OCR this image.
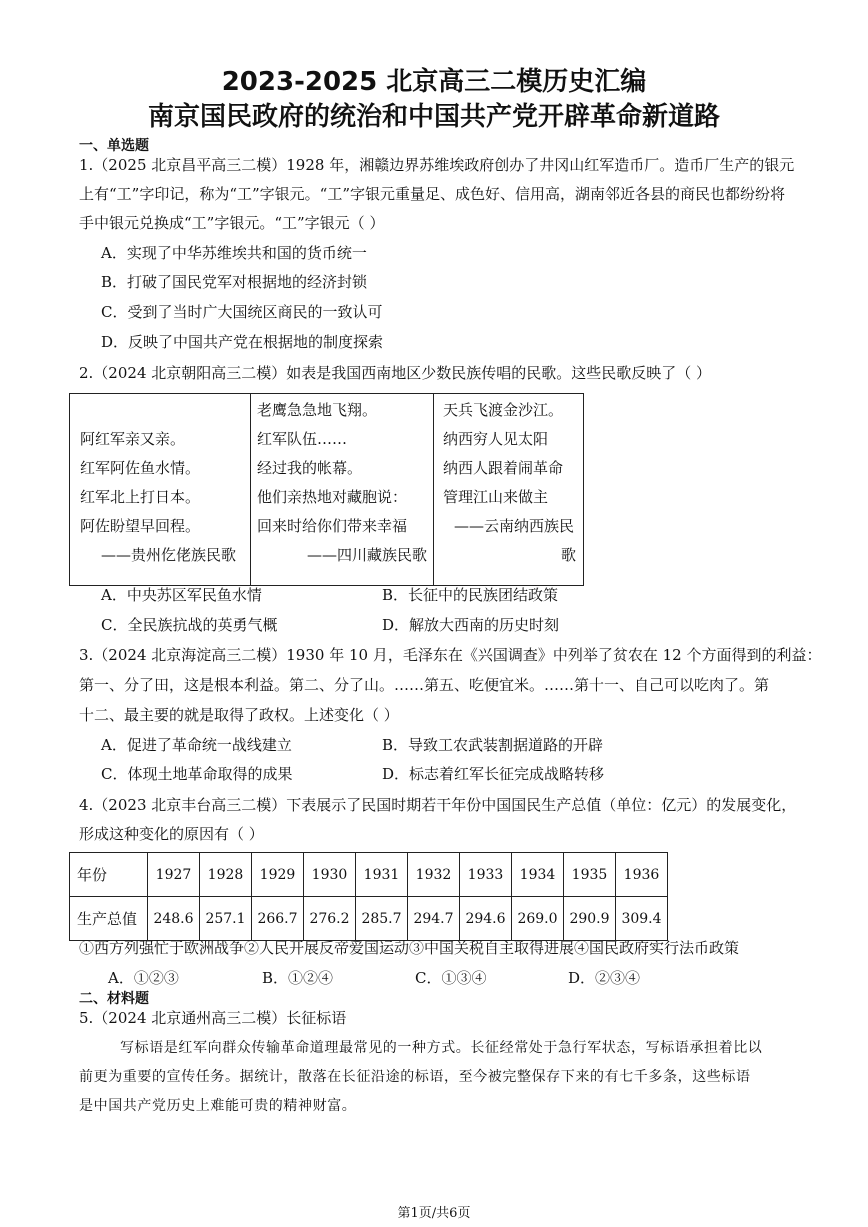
2023-2025 北京高三二模历史汇编
南京国民政府的统治和中国共产党开辟革命新道路
一、单选题
1.（2025 北京昌平高三二模）1928 年，湘赣边界苏维埃政府创办了井冈山红军造币厂。造币厂生产的银元
上有“工”字印记，称为“工”字银元。“工”字银元重量足、成色好、信用高，湖南邻近各县的商民也都纷纷将
手中银元兑换成“工”字银元。“工”字银元（ ）
A．实现了中华苏维埃共和国的货币统一
B．打破了国民党军对根据地的经济封锁
C．受到了当时广大国统区商民的一致认可
D．反映了中国共产党在根据地的制度探索
2.（2024 北京朝阳高三二模）如表是我国西南地区少数民族传唱的民歌。这些民歌反映了（ ）
阿红军亲又亲。
红军阿佐鱼水情。
红军北上打日本。
阿佐盼望早回程。
——贵州仡佬族民歌

老鹰急急地飞翔。
红军队伍……
经过我的帐幕。
他们亲热地对藏胞说：
回来时给你们带来幸福
——四川藏族民歌

天兵飞渡金沙江。
纳西穷人见太阳
纳西人跟着闹革命
管理江山来做主
——云南纳西族民
歌
A．中央苏区军民鱼水情	B．长征中的民族团结政策
C．全民族抗战的英勇气概	D．解放大西南的历史时刻
3.（2024 北京海淀高三二模）1930 年 10 月，毛泽东在《兴国调查》中列举了贫农在 12 个方面得到的利益：
第一、分了田，这是根本利益。第二、分了山。……第五、吃便宜米。……第十一、自己可以吃肉了。第
十二、最主要的就是取得了政权。上述变化（ ）
A．促进了革命统一战线建立	B．导致工农武装割据道路的开辟
C．体现土地革命取得的成果	D．标志着红军长征完成战略转移
4.（2023 北京丰台高三二模）下表展示了民国时期若干年份中国国民生产总值（单位：亿元）的发展变化，
形成这种变化的原因有（ ）
年份	1927	1928	1929	1930	1931	1932	1933	1934	1935	1936
生产总值	248.6	257.1	266.7	276.2	285.7	294.7	294.6	269.0	290.9	309.4
①西方列强忙于欧洲战争②人民开展反帝爱国运动③中国关税自主取得进展④国民政府实行法币政策
A．①②③	B．①②④	C．①③④	D．②③④
二、材料题
5.（2024 北京通州高三二模）长征标语
写标语是红军向群众传输革命道理最常见的一种方式。长征经常处于急行军状态，写标语承担着比以
前更为重要的宣传任务。据统计，散落在长征沿途的标语，至今被完整保存下来的有七千多条，这些标语
是中国共产党历史上难能可贵的精神财富。
第1页/共6页
